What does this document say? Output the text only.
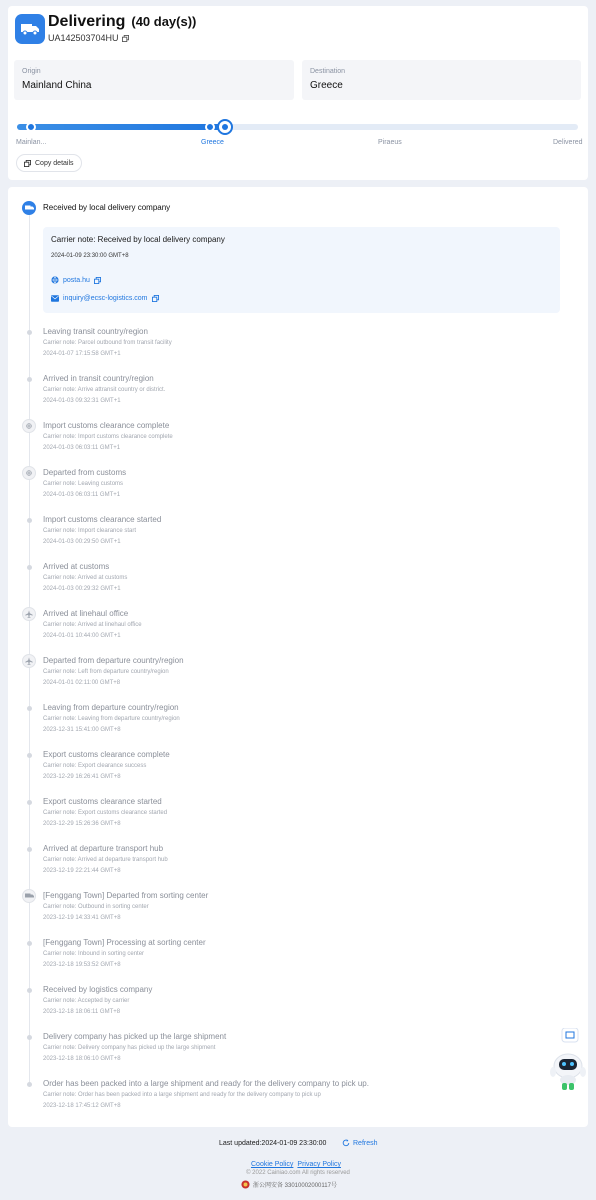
Delivering (40 day(s))
UA142503704HU
Origin
Mainland China
Destination
Greece
Mainlan...	Greece	Piraeus	Delivered
Copy details
Received by local delivery company
Carrier note: Received by local delivery company
2024-01-09 23:30:00 GMT+8
posta.hu
inquiry@ecsc-logistics.com
Leaving transit country/region
Carrier note: Parcel outbound from transit facility
2024-01-07 17:15:58 GMT+1
Arrived in transit country/region
Carrier note: Arrive attransit country or district.
2024-01-03 09:32:31 GMT+1
Import customs clearance complete
Carrier note: Import customs clearance complete
2024-01-03 06:03:11 GMT+1
Departed from customs
Carrier note: Leaving customs
2024-01-03 06:03:11 GMT+1
Import customs clearance started
Carrier note: Import clearance start
2024-01-03 00:29:50 GMT+1
Arrived at customs
Carrier note: Arrived at customs
2024-01-03 00:29:32 GMT+1
Arrived at linehaul office
Carrier note: Arrived at linehaul office
2024-01-01 10:44:00 GMT+1
Departed from departure country/region
Carrier note: Left from departure country/region
2024-01-01 02:11:00 GMT+8
Leaving from departure country/region
Carrier note: Leaving from departure country/region
2023-12-31 15:41:00 GMT+8
Export customs clearance complete
Carrier note: Export clearance success
2023-12-29 16:26:41 GMT+8
Export customs clearance started
Carrier note: Export customs clearance started
2023-12-29 15:26:36 GMT+8
Arrived at departure transport hub
Carrier note: Arrived at departure transport hub
2023-12-19 22:21:44 GMT+8
[Fenggang Town] Departed from sorting center
Carrier note: Outbound in sorting center
2023-12-19 14:33:41 GMT+8
[Fenggang Town] Processing at sorting center
Carrier note: Inbound in sorting center
2023-12-18 19:53:52 GMT+8
Received by logistics company
Carrier note: Accepted by carrier
2023-12-18 18:06:11 GMT+8
Delivery company has picked up the large shipment
Carrier note: Delivery company has picked up the large shipment
2023-12-18 18:06:10 GMT+8
Order has been packed into a large shipment and ready for the delivery company to pick up.
Carrier note: Order has been packed into a large shipment and ready for the delivery company to pick up
2023-12-18 17:45:12 GMT+8
Last updated:2024-01-09 23:30:00	Refresh
Cookie Policy Privacy Policy
© 2022 Cainiao.com All rights reserved
浙公网安备 33010002000117号
